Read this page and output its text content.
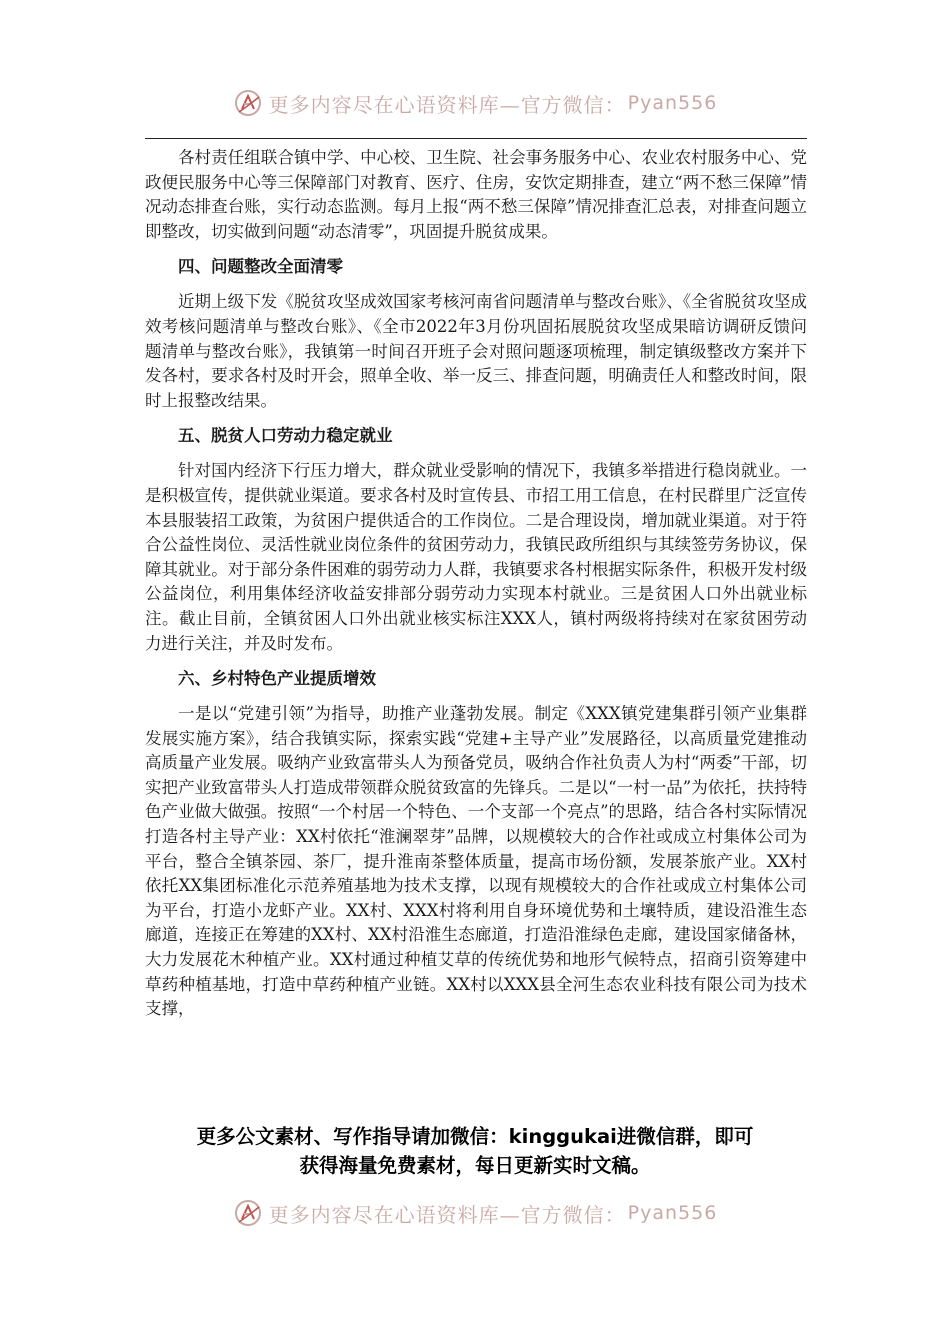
更多内容尽在心语资料库—官方微信： Pyan556

各村责任组联合镇中学、中心校、卫生院、社会事务服务中心、农业农村服务中心、党政便民服务中心等三保障部门对教育、医疗、住房，安饮定期排查，建立“两不愁三保障”情况动态排查台账，实行动态监测。每月上报“两不愁三保障”情况排查汇总表，对排查问题立即整改，切实做到问题“动态清零”，巩固提升脱贫成果。

四、问题整改全面清零

近期上级下发《脱贫攻坚成效国家考核河南省问题清单与整改台账》、《全省脱贫攻坚成效考核问题清单与整改台账》、《全市2022年3月份巩固拓展脱贫攻坚成果暗访调研反馈问题清单与整改台账》，我镇第一时间召开班子会对照问题逐项梳理，制定镇级整改方案并下发各村，要求各村及时开会，照单全收、举一反三、排查问题，明确责任人和整改时间，限时上报整改结果。

五、脱贫人口劳动力稳定就业

针对国内经济下行压力增大，群众就业受影响的情况下，我镇多举措进行稳岗就业。一是积极宣传，提供就业渠道。要求各村及时宣传县、市招工用工信息，在村民群里广泛宣传本县服装招工政策，为贫困户提供适合的工作岗位。二是合理设岗，增加就业渠道。对于符合公益性岗位、灵活性就业岗位条件的贫困劳动力，我镇民政所组织与其续签劳务协议，保障其就业。对于部分条件困难的弱劳动力人群，我镇要求各村根据实际条件，积极开发村级公益岗位，利用集体经济收益安排部分弱劳动力实现本村就业。三是贫困人口外出就业标注。截止目前，全镇贫困人口外出就业核实标注XXX人，镇村两级将持续对在家贫困劳动力进行关注，并及时发布。

六、乡村特色产业提质增效

一是以“党建引领”为指导，助推产业蓬勃发展。制定《XXX镇党建集群引领产业集群发展实施方案》，结合我镇实际，探索实践“党建+主导产业”发展路径，以高质量党建推动高质量产业发展。吸纳产业致富带头人为预备党员，吸纳合作社负责人为村“两委”干部，切实把产业致富带头人打造成带领群众脱贫致富的先锋兵。二是以“一村一品”为依托，扶持特色产业做大做强。按照“一个村居一个特色、一个支部一个亮点”的思路，结合各村实际情况打造各村主导产业：XX村依托“淮澜翠芽”品牌，以规模较大的合作社或成立村集体公司为平台，整合全镇茶园、茶厂，提升淮南茶整体质量，提高市场份额，发展茶旅产业。XX村依托XX集团标准化示范养殖基地为技术支撑，以现有规模较大的合作社或成立村集体公司为平台，打造小龙虾产业。XX村、XXX村将利用自身环境优势和土壤特质，建设沿淮生态廊道，连接正在筹建的XX村、XX村沿淮生态廊道，打造沿淮绿色走廊，建设国家储备林，大力发展花木种植产业。XX村通过种植艾草的传统优势和地形气候特点，招商引资筹建中草药种植基地，打造中草药种植产业链。XX村以XXX县全河生态农业科技有限公司为技术支撑，

更多公文素材、写作指导请加微信：kinggukai进微信群，即可
获得海量免费素材，每日更新实时文稿。
更多内容尽在心语资料库—官方微信： Pyan556
